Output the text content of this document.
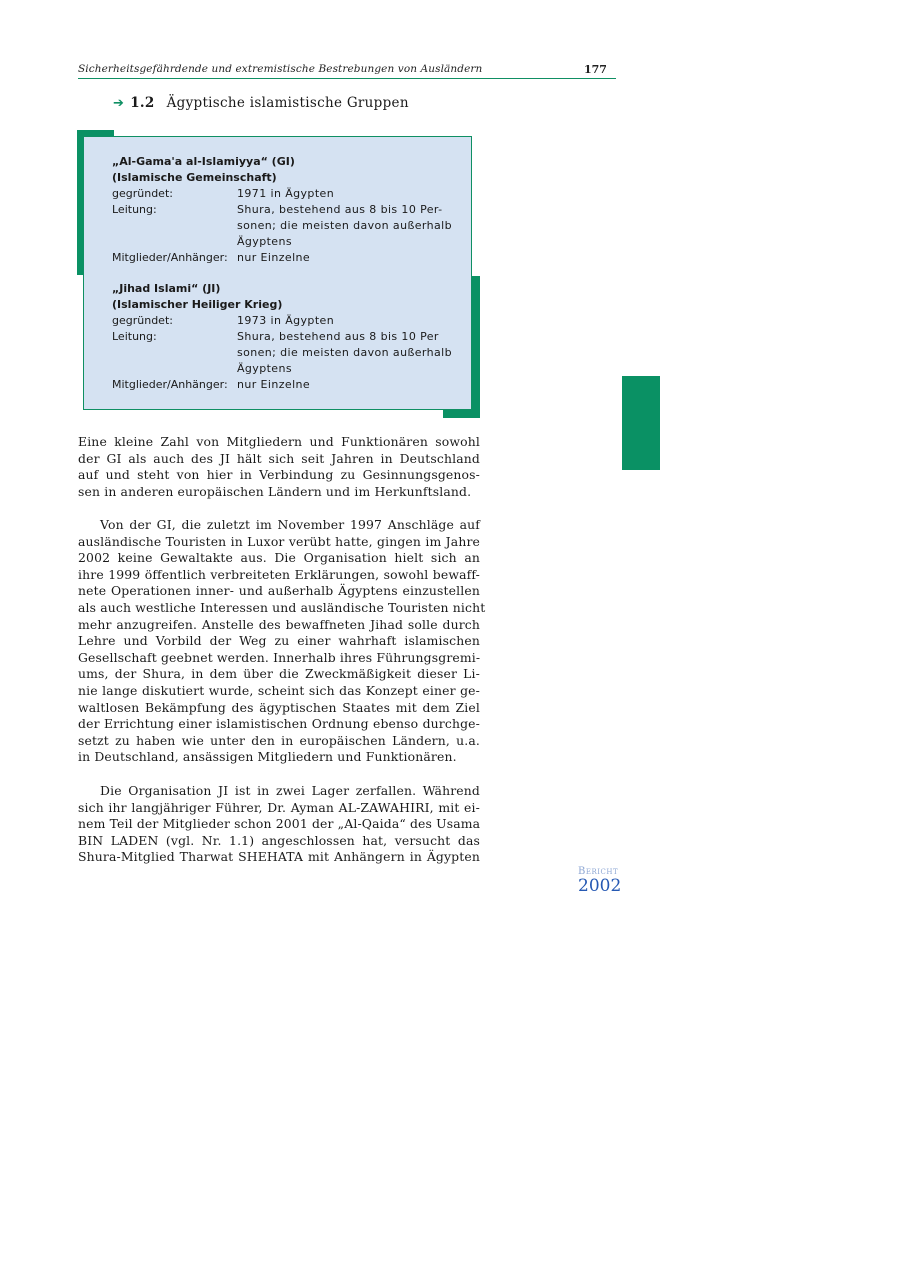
Sicherheitsgefährdende und extremistische Bestrebungen von Ausländern	177
➔ 1.2 Ägyptische islamistische Gruppen
„Al-Gama'a al-Islamiyya“ (GI)
(Islamische Gemeinschaft)
gegründet:	1971 in Ägypten
Leitung:	Shura, bestehend aus 8 bis 10 Per-
sonen; die meisten davon außerhalb
Ägyptens
Mitglieder/Anhänger: nur Einzelne
„Jihad Islami“ (JI)
(Islamischer Heiliger Krieg)
gegründet:	1973 in Ägypten
Leitung:	Shura, bestehend aus 8 bis 10 Per
sonen; die meisten davon außerhalb
Ägyptens
Mitglieder/Anhänger: nur Einzelne
Eine kleine Zahl von Mitgliedern und Funktionären sowohl
der GI als auch des JI hält sich seit Jahren in Deutschland
auf und steht von hier in Verbindung zu Gesinnungsgenos-
sen in anderen europäischen Ländern und im Herkunftsland.
Von der GI, die zuletzt im November 1997 Anschläge auf
ausländische Touristen in Luxor verübt hatte, gingen im Jahre
2002 keine Gewaltakte aus. Die Organisation hielt sich an
ihre 1999 öffentlich verbreiteten Erklärungen, sowohl bewaff-
nete Operationen inner- und außerhalb Ägyptens einzustellen
als auch westliche Interessen und ausländische Touristen nicht
mehr anzugreifen. Anstelle des bewaffneten Jihad solle durch
Lehre und Vorbild der Weg zu einer wahrhaft islamischen
Gesellschaft geebnet werden. Innerhalb ihres Führungsgremi-
ums, der Shura, in dem über die Zweckmäßigkeit dieser Li-
nie lange diskutiert wurde, scheint sich das Konzept einer ge-
waltlosen Bekämpfung des ägyptischen Staates mit dem Ziel
der Errichtung einer islamistischen Ordnung ebenso durchge-
setzt zu haben wie unter den in europäischen Ländern, u.a.
in Deutschland, ansässigen Mitgliedern und Funktionären.
Die Organisation JI ist in zwei Lager zerfallen. Während
sich ihr langjähriger Führer, Dr. Ayman AL-ZAWAHIRI, mit ei-
nem Teil der Mitglieder schon 2001 der „Al-Qaida“ des Usama
BIN LADEN (vgl. Nr. 1.1) angeschlossen hat, versucht das
Shura-Mitglied Tharwat SHEHATA mit Anhängern in Ägypten
Bericht
2002
